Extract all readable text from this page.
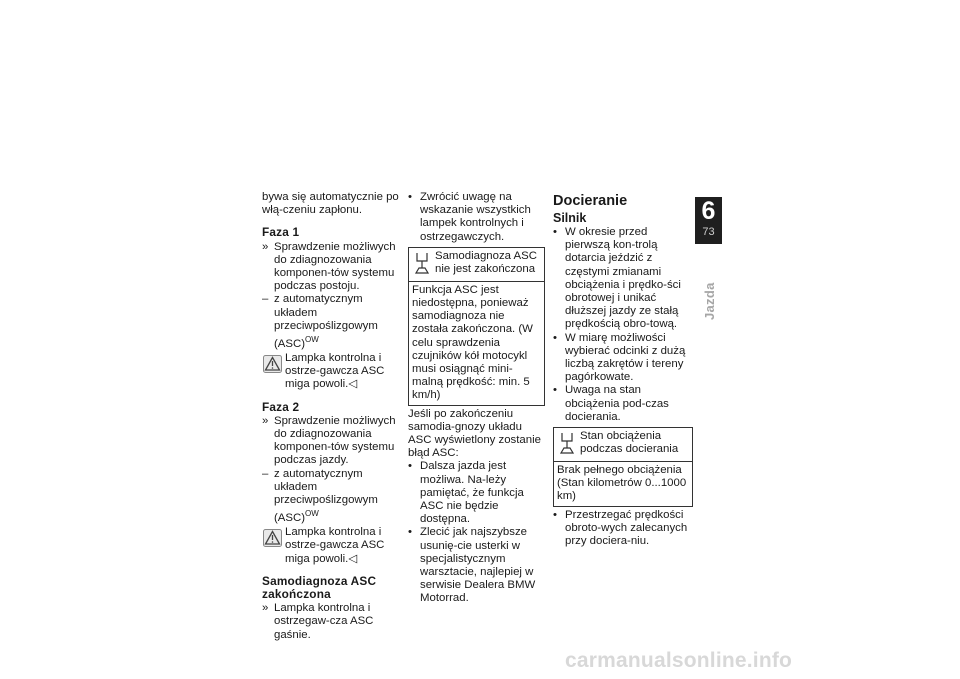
bywa się automatycznie po włą-czeniu zapłonu.

Faza 1

» Sprawdzenie możliwych do zdiagnozowania komponen-tów systemu podczas postoju.
– z automatycznym układem przeciwpoślizgowym (ASC)$^{OW}$
Lampka kontrolna i ostrze-gawcza ASC miga powoli.◁

Faza 2

» Sprawdzenie możliwych do zdiagnozowania komponen-tów systemu podczas jazdy.
– z automatycznym układem przeciwpoślizgowym (ASC)$^{OW}$
Lampka kontrolna i ostrze-gawcza ASC miga powoli.◁

Samodiagnoza ASC zakończona

» Lampka kontrolna i ostrzegaw-cza ASC gaśnie.
• Zwrócić uwagę na wskazanie wszystkich lampek kontrolnych i ostrzegawczych.
Samodiagnoza ASC nie jest zakończona
Funkcja ASC jest niedostępna, ponieważ samodiagnoza nie została zakończona. (W celu sprawdzenia czujników kół motocykl musi osiągnąć mini-malną prędkość: min. 5 km/h)

Jeśli po zakończeniu samodia-gnozy układu ASC wyświetlony zostanie błąd ASC:

• Dalsza jazda jest możliwa. Na-leży pamiętać, że funkcja ASC nie będzie dostępna.
• Zlecić jak najszybsze usunię-cie usterki w specjalistycznym warsztacie, najlepiej w serwisie Dealera BMW Motorrad.

Docieranie

Silnik

• W okresie przed pierwszą kon-trolą dotarcia jeździć z częstymi zmianami obciążenia i prędko-ści obrotowej i unikać dłuższej jazdy ze stałą prędkością obro-tową.
• W miarę możliwości wybierać odcinki z dużą liczbą zakrętów i tereny pagórkowate.
• Uwaga na stan obciążenia pod-czas docierania.
Stan obciążenia podczas docierania
Brak pełnego obciążenia (Stan kilometrów 0...1000 km)
• Przestrzegać prędkości obroto-wych zalecanych przy doci​era-niu.
6
73
Jazda
carmanualsonline.info
